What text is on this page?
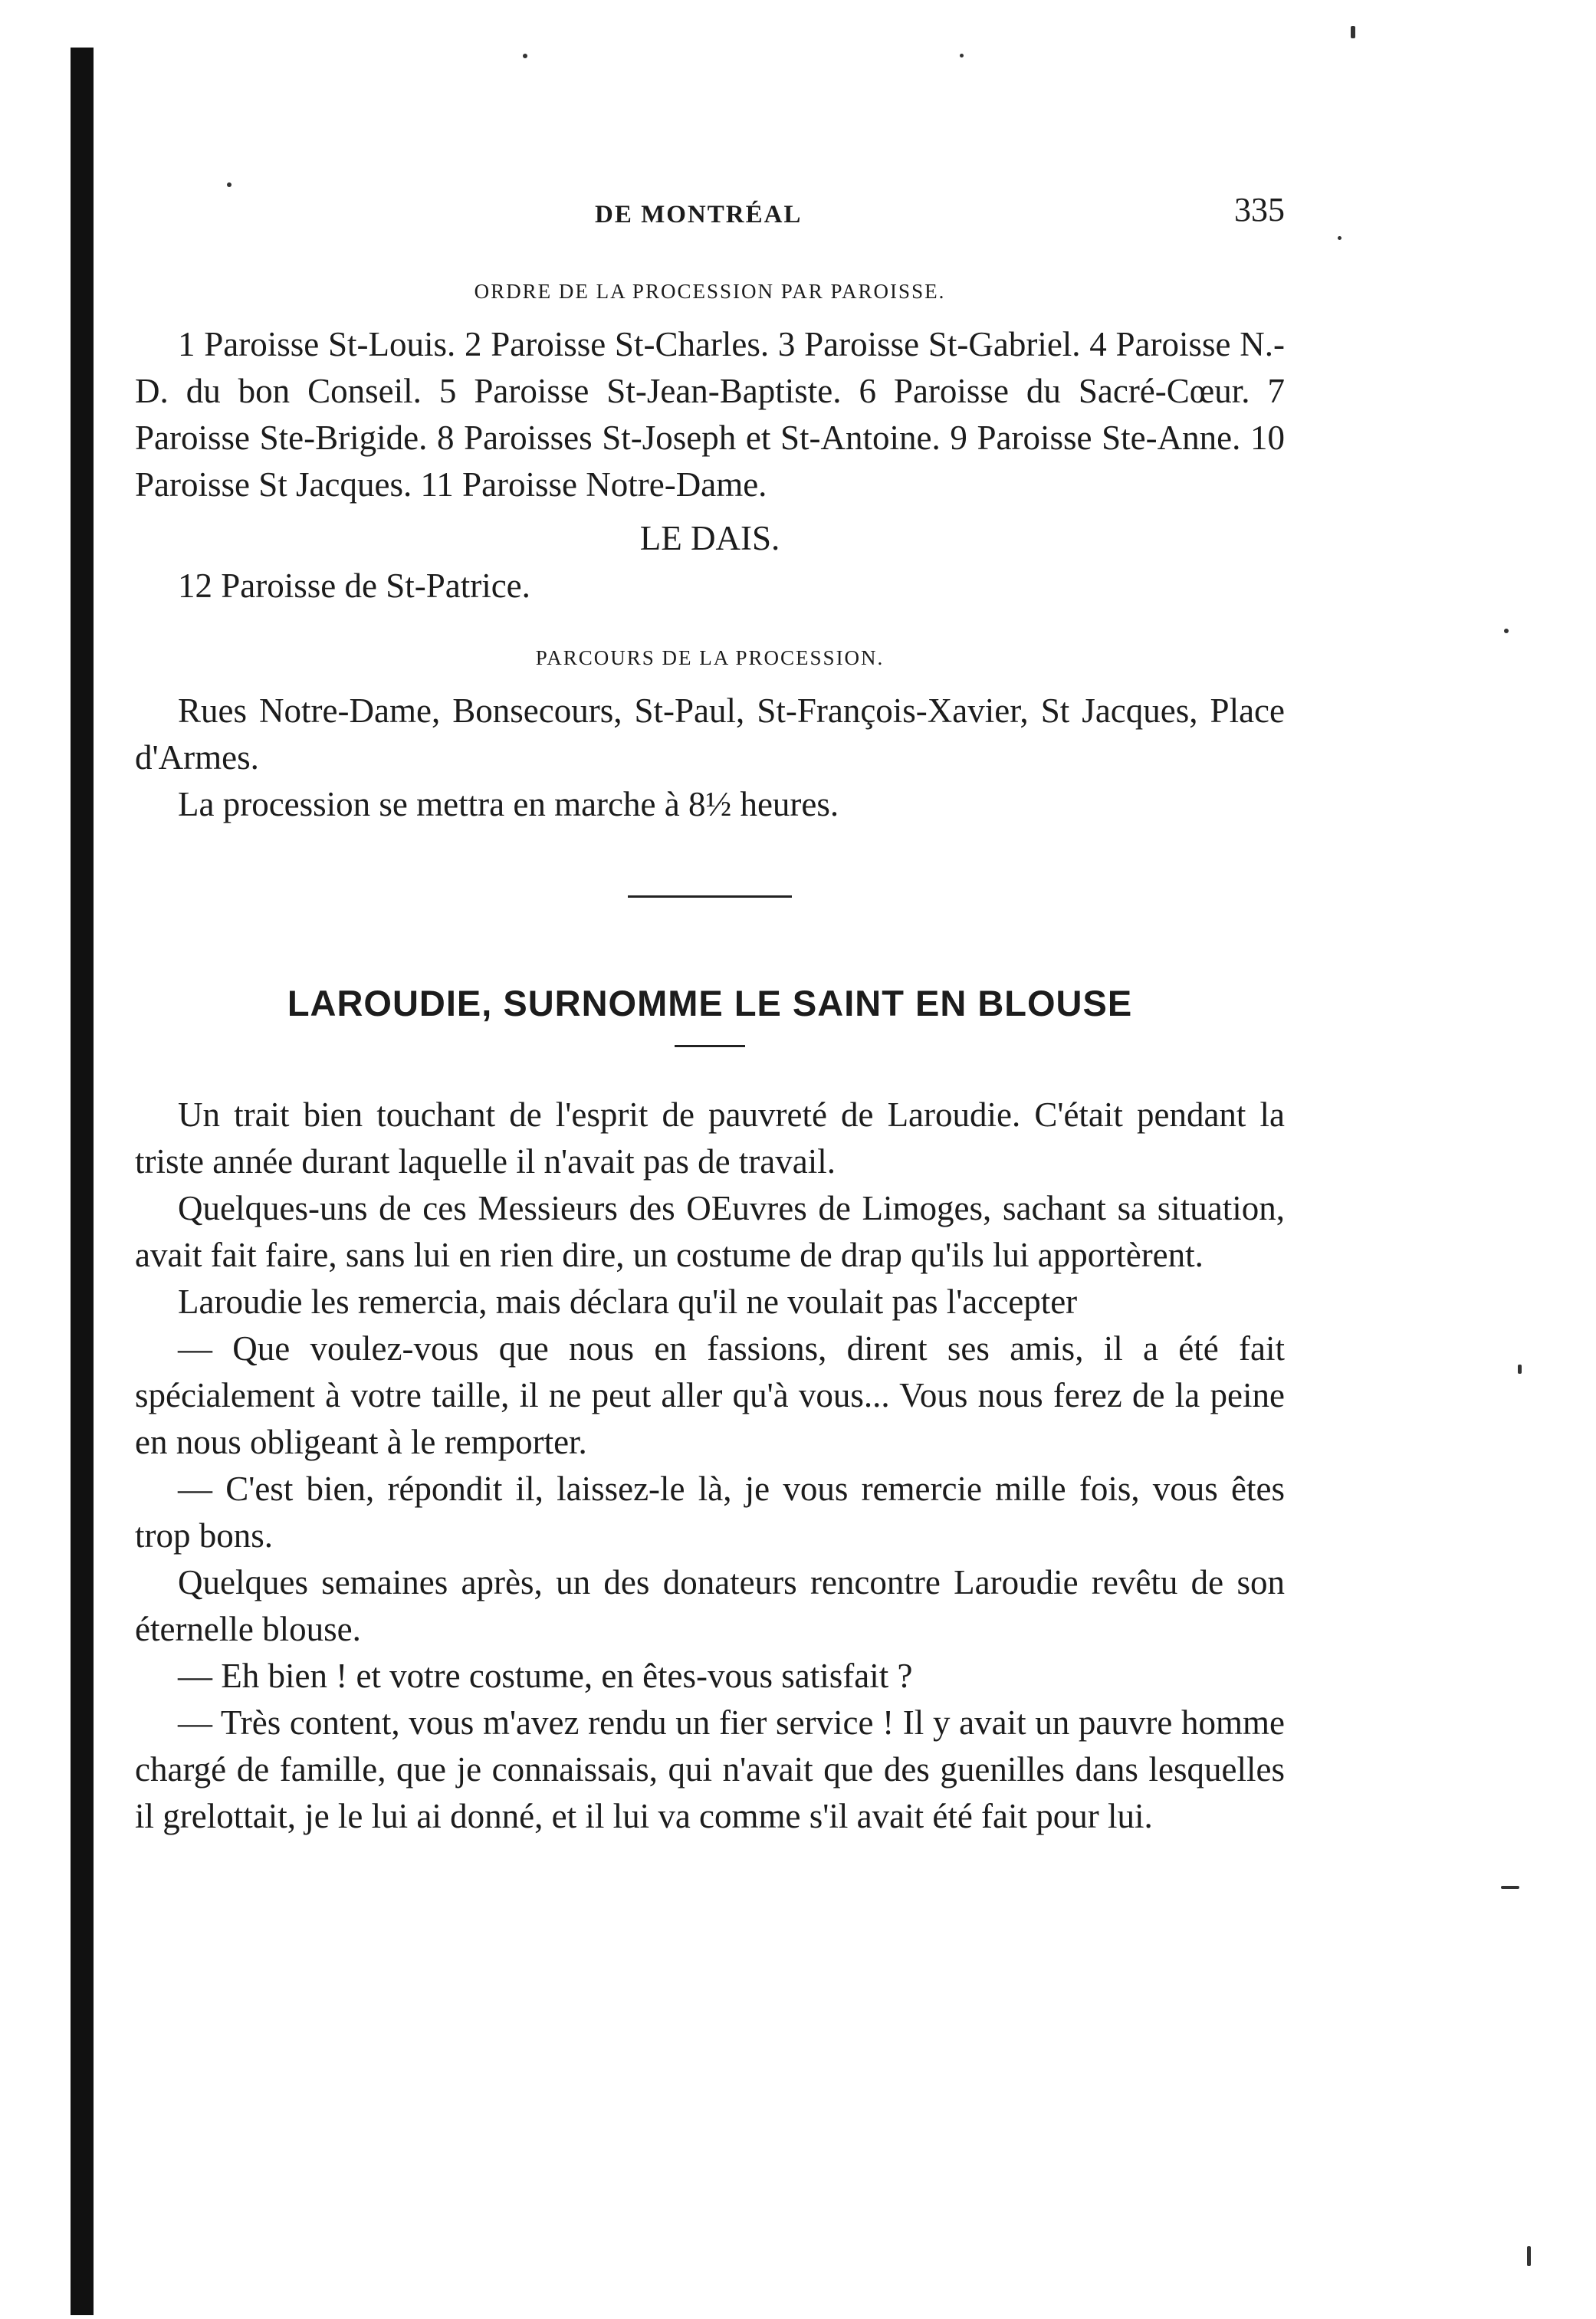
DE MONTRÉAL	335

ORDRE DE LA PROCESSION PAR PAROISSE.

1 Paroisse St-Louis. 2 Paroisse St-Charles. 3 Paroisse St-Gabriel. 4 Paroisse N.-D. du bon Conseil. 5 Paroisse St-Jean-Baptiste. 6 Paroisse du Sacré-Cœur. 7 Paroisse Ste-Brigide. 8 Paroisses St-Joseph et St-Antoine. 9 Paroisse Ste-Anne. 10 Paroisse St Jacques. 11 Paroisse Notre-Dame.

LE DAIS.

12 Paroisse de St-Patrice.

PARCOURS DE LA PROCESSION.

Rues Notre-Dame, Bonsecours, St-Paul, St-François-Xavier, St Jacques, Place d'Armes.

La procession se mettra en marche à 8½ heures.

LAROUDIE, SURNOMME LE SAINT EN BLOUSE

Un trait bien touchant de l'esprit de pauvreté de Laroudie. C'était pendant la triste année durant laquelle il n'avait pas de travail.

Quelques-uns de ces Messieurs des OEuvres de Limoges, sachant sa situation, avait fait faire, sans lui en rien dire, un costume de drap qu'ils lui apportèrent.

Laroudie les remercia, mais déclara qu'il ne voulait pas l'accepter

— Que voulez-vous que nous en fassions, dirent ses amis, il a été fait spécialement à votre taille, il ne peut aller qu'à vous... Vous nous ferez de la peine en nous obligeant à le remporter.

— C'est bien, répondit il, laissez-le là, je vous remercie mille fois, vous êtes trop bons.

Quelques semaines après, un des donateurs rencontre Laroudie revêtu de son éternelle blouse.

— Eh bien ! et votre costume, en êtes-vous satisfait ?

— Très content, vous m'avez rendu un fier service ! Il y avait un pauvre homme chargé de famille, que je connaissais, qui n'avait que des guenilles dans lesquelles il grelottait, je le lui ai donné, et il lui va comme s'il avait été fait pour lui.
